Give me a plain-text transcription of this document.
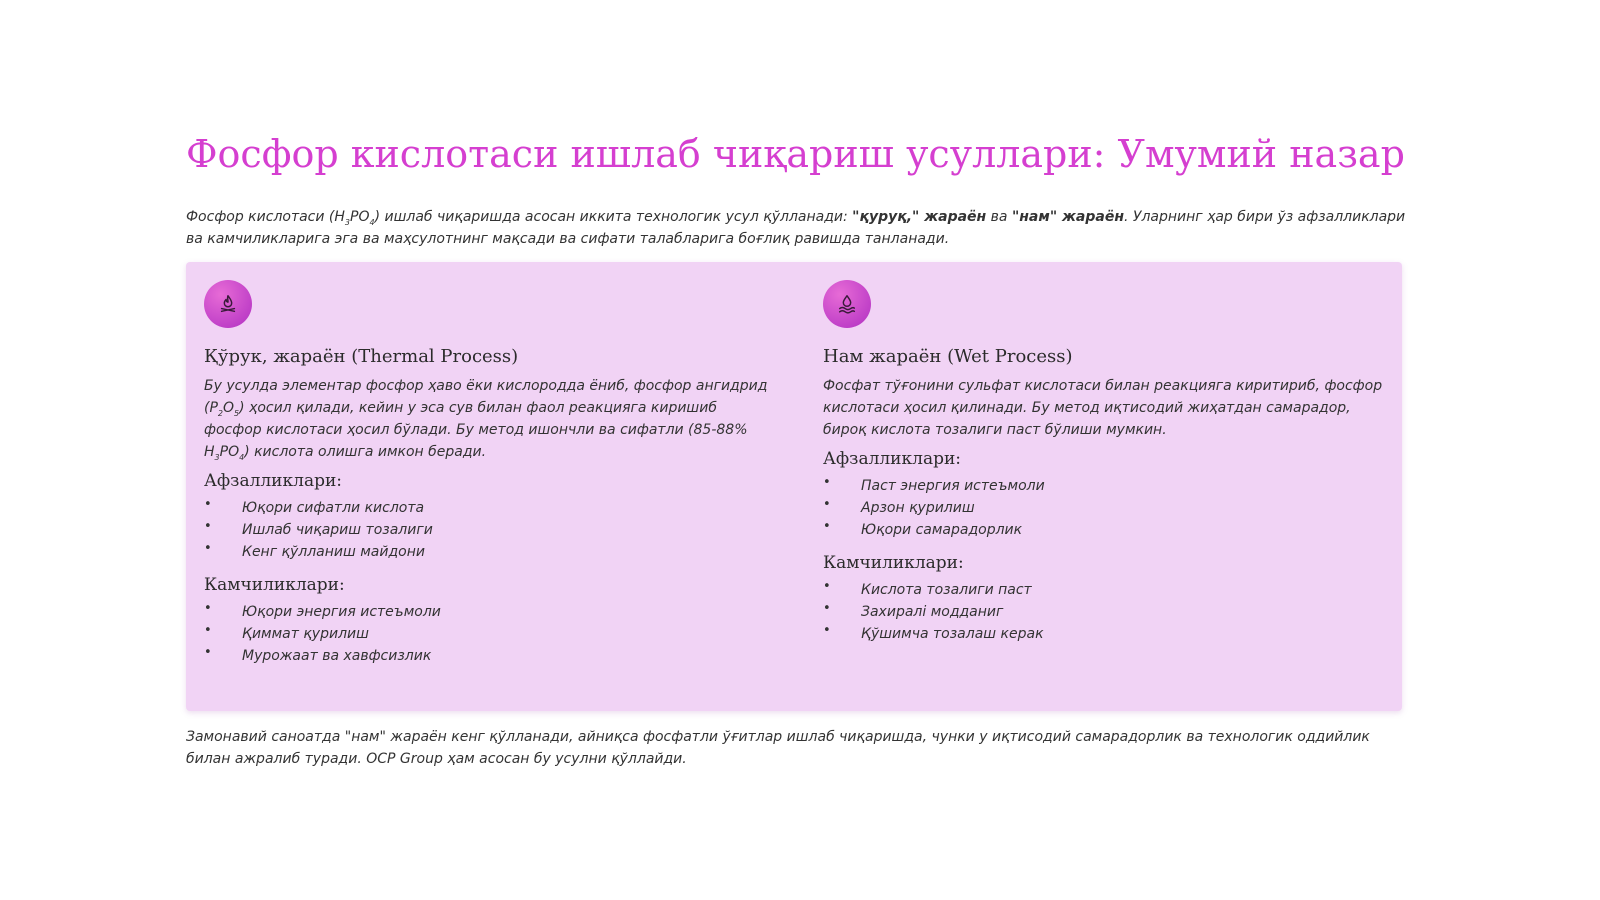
Фосфор кислотаси ишлаб чиқариш усуллари: Умумий назар

Фосфор кислотаси $(H_3PO_4)$ ишлаб чиқаришда асосан иккита технологик усул қўлланади: "қуруқ," жараён ва "нам" жараён. Уларнинг ҳар бири ўз афзалликлари ва камчиликларига эга ва маҳсулотнинг мақсади ва сифати талабларига боғлиқ равишда танланади.

Қўрук, жараён (Thermal Process)

Бу усулда элементар фосфор ҳаво ёки кислородда ёниб, фосфор ангидрид $(P_2O_5)$ ҳосил қилади, кейин у эса сув билан фаол реакцияга киришиб фосфор кислотаси ҳосил бўлади. Бу метод ишончли ва сифатли (85-88% $H_3PO_4$) кислота олишга имкон беради.

Афзалликлари:
• Юқори сифатли кислота
• Ишлаб чиқариш тозалиги
• Кенг қўлланиш майдони
Камчиликлари:
• Юқори энергия истеъмоли
• Қиммат қурилиш
• Мурожаат ва хавфсизлик
Нам жараён (Wet Process)

Фосфат тўғонини сульфат кислотаси билан реакцияга киритириб, фосфор кислотаси ҳосил қилинади. Бу метод иқтисодий жиҳатдан самарадор, бироқ кислота тозалиги паст бўлиши мумкин.

Афзалликлари:
• Паст энергия истеъмоли
• Арзон қурилиш
• Юқори самарадорлик
Камчиликлари:
• Кислота тозалиги паст
• Захиралi модданиг
• Қўшимча тозалаш керак

Замонавий саноатда "нам" жараён кенг қўлланади, айниқса фосфатли ўғитлар ишлаб чиқаришда, чунки у иқтисодий самарадорлик ва технологик оддийлик билан ажралиб туради. OCP Group ҳам асосан бу усулни қўллайди.
